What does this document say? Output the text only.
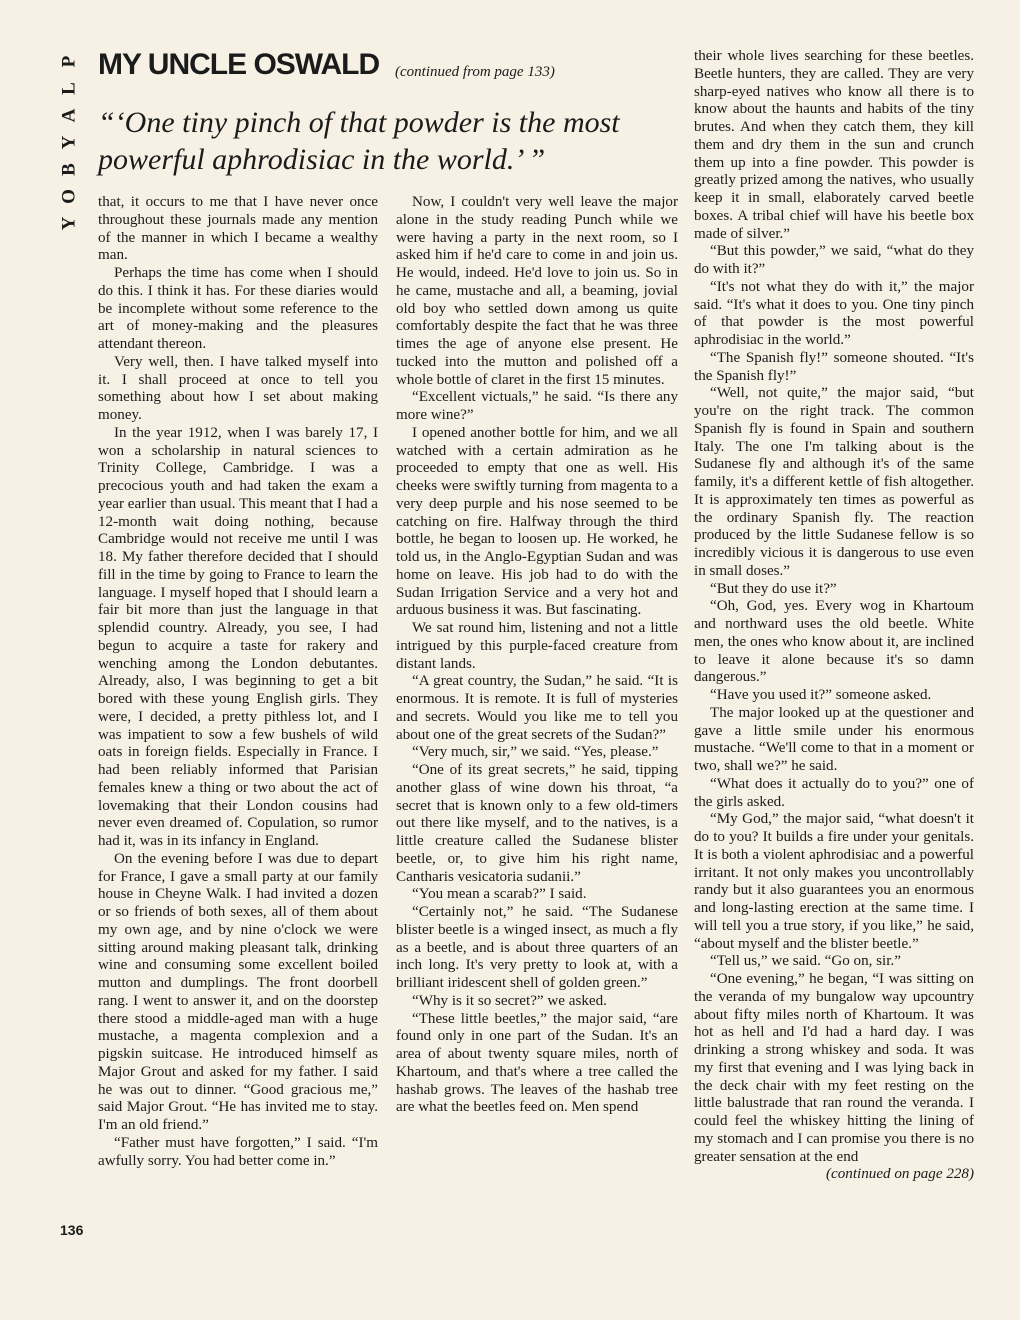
P
L
A
Y
B
O
Y
MY UNCLE OSWALD (continued from page 133)

“‘One tiny pinch of that powder is the most powerful aphrodisiac in the world.’ ”

that, it occurs to me that I have never once throughout these journals made any mention of the manner in which I became a wealthy man.

Perhaps the time has come when I should do this. I think it has. For these diaries would be incomplete without some reference to the art of money-making and the pleasures attendant thereon.

Very well, then. I have talked myself into it. I shall proceed at once to tell you something about how I set about making money.

In the year 1912, when I was barely 17, I won a scholarship in natural sciences to Trinity College, Cambridge. I was a precocious youth and had taken the exam a year earlier than usual. This meant that I had a 12-month wait doing nothing, because Cambridge would not receive me until I was 18. My father therefore decided that I should fill in the time by going to France to learn the language. I myself hoped that I should learn a fair bit more than just the language in that splendid country. Already, you see, I had begun to acquire a taste for rakery and wenching among the London debutantes. Already, also, I was beginning to get a bit bored with these young English girls. They were, I decided, a pretty pithless lot, and I was impatient to sow a few bushels of wild oats in foreign fields. Especially in France. I had been reliably informed that Parisian females knew a thing or two about the act of lovemaking that their London cousins had never even dreamed of. Copulation, so rumor had it, was in its infancy in England.

On the evening before I was due to depart for France, I gave a small party at our family house in Cheyne Walk. I had invited a dozen or so friends of both sexes, all of them about my own age, and by nine o'clock we were sitting around making pleasant talk, drinking wine and consuming some excellent boiled mutton and dumplings. The front doorbell rang. I went to answer it, and on the doorstep there stood a middle-aged man with a huge mustache, a magenta complexion and a pigskin suitcase. He introduced himself as Major Grout and asked for my father. I said he was out to dinner. “Good gracious me,” said Major Grout. “He has invited me to stay. I'm an old friend.”

“Father must have forgotten,” I said. “I'm awfully sorry. You had better come in.”

Now, I couldn't very well leave the major alone in the study reading Punch while we were having a party in the next room, so I asked him if he'd care to come in and join us. He would, indeed. He'd love to join us. So in he came, mustache and all, a beaming, jovial old boy who settled down among us quite comfortably despite the fact that he was three times the age of anyone else present. He tucked into the mutton and polished off a whole bottle of claret in the first 15 minutes.

“Excellent victuals,” he said. “Is there any more wine?”

I opened another bottle for him, and we all watched with a certain admiration as he proceeded to empty that one as well. His cheeks were swiftly turning from magenta to a very deep purple and his nose seemed to be catching on fire. Halfway through the third bottle, he began to loosen up. He worked, he told us, in the Anglo-Egyptian Sudan and was home on leave. His job had to do with the Sudan Irrigation Service and a very hot and arduous business it was. But fascinating.

We sat round him, listening and not a little intrigued by this purple-faced creature from distant lands.

“A great country, the Sudan,” he said. “It is enormous. It is remote. It is full of mysteries and secrets. Would you like me to tell you about one of the great secrets of the Sudan?”

“Very much, sir,” we said. “Yes, please.”

“One of its great secrets,” he said, tipping another glass of wine down his throat, “a secret that is known only to a few old-timers out there like myself, and to the natives, is a little creature called the Sudanese blister beetle, or, to give him his right name, Cantharis vesicatoria sudanii.”

“You mean a scarab?” I said.

“Certainly not,” he said. “The Sudanese blister beetle is a winged insect, as much a fly as a beetle, and is about three quarters of an inch long. It's very pretty to look at, with a brilliant iridescent shell of golden green.”

“Why is it so secret?” we asked.

“These little beetles,” the major said, “are found only in one part of the Sudan. It's an area of about twenty square miles, north of Khartoum, and that's where a tree called the hashab grows. The leaves of the hashab tree are what the beetles feed on. Men spend

their whole lives searching for these beetles. Beetle hunters, they are called. They are very sharp-eyed natives who know all there is to know about the haunts and habits of the tiny brutes. And when they catch them, they kill them and dry them in the sun and crunch them up into a fine powder. This powder is greatly prized among the natives, who usually keep it in small, elaborately carved beetle boxes. A tribal chief will have his beetle box made of silver.”

“But this powder,” we said, “what do they do with it?”

“It's not what they do with it,” the major said. “It's what it does to you. One tiny pinch of that powder is the most powerful aphrodisiac in the world.”

“The Spanish fly!” someone shouted. “It's the Spanish fly!”

“Well, not quite,” the major said, “but you're on the right track. The common Spanish fly is found in Spain and southern Italy. The one I'm talking about is the Sudanese fly and although it's of the same family, it's a different kettle of fish altogether. It is approximately ten times as powerful as the ordinary Spanish fly. The reaction produced by the little Sudanese fellow is so incredibly vicious it is dangerous to use even in small doses.”

“But they do use it?”

“Oh, God, yes. Every wog in Khartoum and northward uses the old beetle. White men, the ones who know about it, are inclined to leave it alone because it's so damn dangerous.”

“Have you used it?” someone asked.

The major looked up at the questioner and gave a little smile under his enormous mustache. “We'll come to that in a moment or two, shall we?” he said.

“What does it actually do to you?” one of the girls asked.

“My God,” the major said, “what doesn't it do to you? It builds a fire under your genitals. It is both a violent aphrodisiac and a powerful irritant. It not only makes you uncontrollably randy but it also guarantees you an enormous and long-lasting erection at the same time. I will tell you a true story, if you like,” he said, “about myself and the blister beetle.”

“Tell us,” we said. “Go on, sir.”

“One evening,” he began, “I was sitting on the veranda of my bungalow way upcountry about fifty miles north of Khartoum. It was hot as hell and I'd had a hard day. I was drinking a strong whiskey and soda. It was my first that evening and I was lying back in the deck chair with my feet resting on the little balustrade that ran round the veranda. I could feel the whiskey hitting the lining of my stomach and I can promise you there is no greater sensation at the end

(continued on page 228)

136
